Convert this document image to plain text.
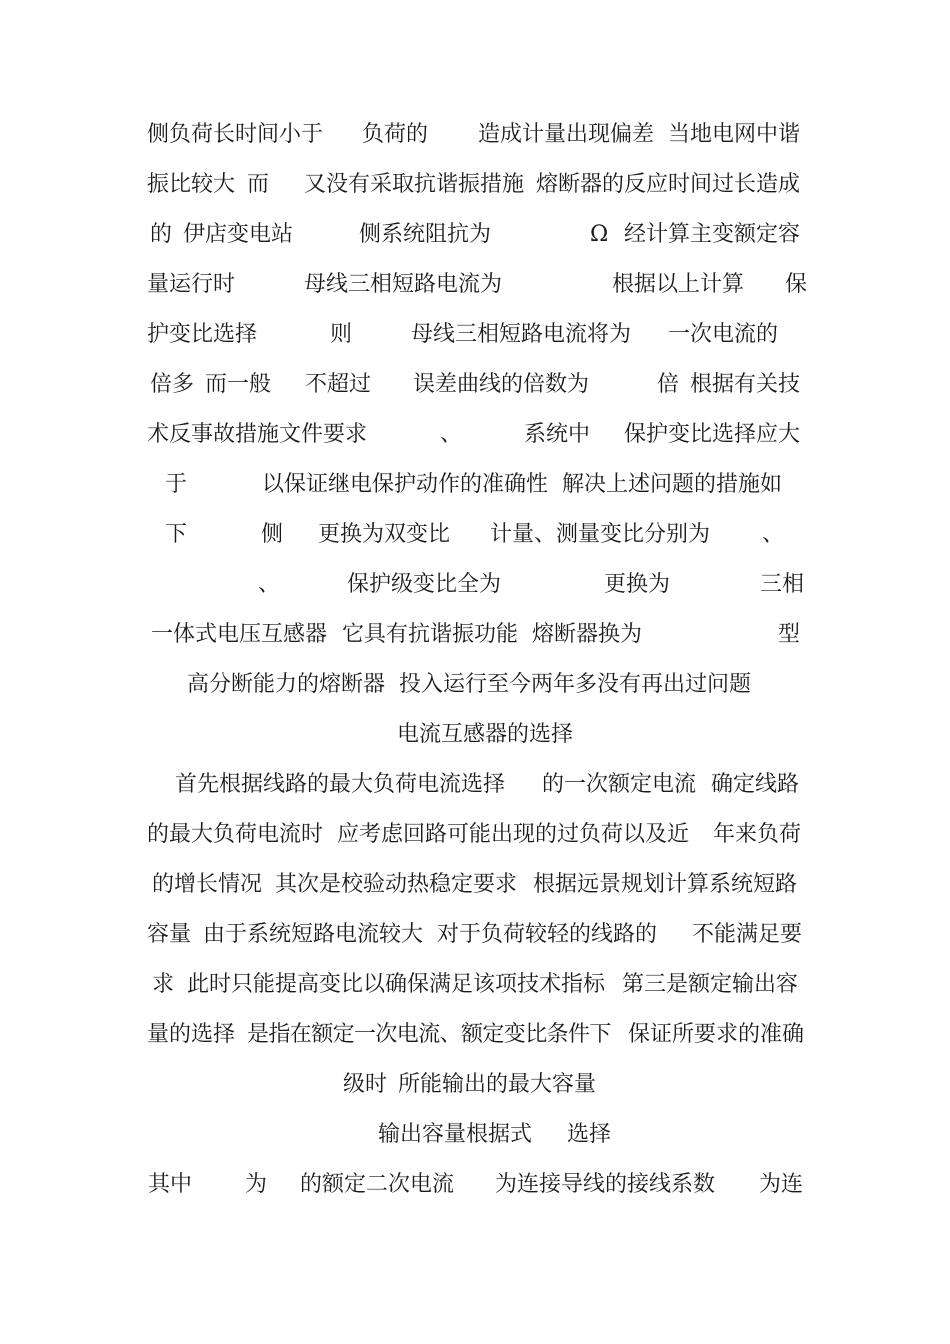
侧负荷长时间小于 负荷的 造成计量出现偏差 当地电网中谐
振比较大 而 又没有采取抗谐振措施 熔断器的反应时间过长造成
的 伊店变电站	侧系统阻抗为	Ω 经计算主变额定容
量运行时	母线三相短路电流为	根据以上计算 保
护变比选择	则	母线三相短路电流将为 一次电流的
倍多 而一般 不超过 误差曲线的倍数为	倍 根据有关技
术反事故措施文件要求	、	系统中 保护变比选择应大
于	以保证继电保护动作的准确性 解决上述问题的措施如
下	侧 更换为双变比 计量、测量变比分别为 、
、	保护级变比全为	更换为	三相
一体式电压互感器 它具有抗谐振功能 熔断器换为	型
高分断能力的熔断器 投入运行至今两年多没有再出过问题
电流互感器的选择
首先根据线路的最大负荷电流选择 的一次额定电流 确定线路
的最大负荷电流时 应考虑回路可能出现的过负荷以及近 年来负荷
的增长情况 其次是校验动热稳定要求 根据远景规划计算系统短路
容量 由于系统短路电流较大 对于负荷较轻的线路的 不能满足要
求 此时只能提高变比以确保满足该项技术指标 第三是额定输出容
量的选择 是指在额定一次电流、额定变比条件下 保证所要求的准确
级时 所能输出的最大容量
输出容量根据式 选择
其中 为 的额定二次电流 为连接导线的接线系数 为连
